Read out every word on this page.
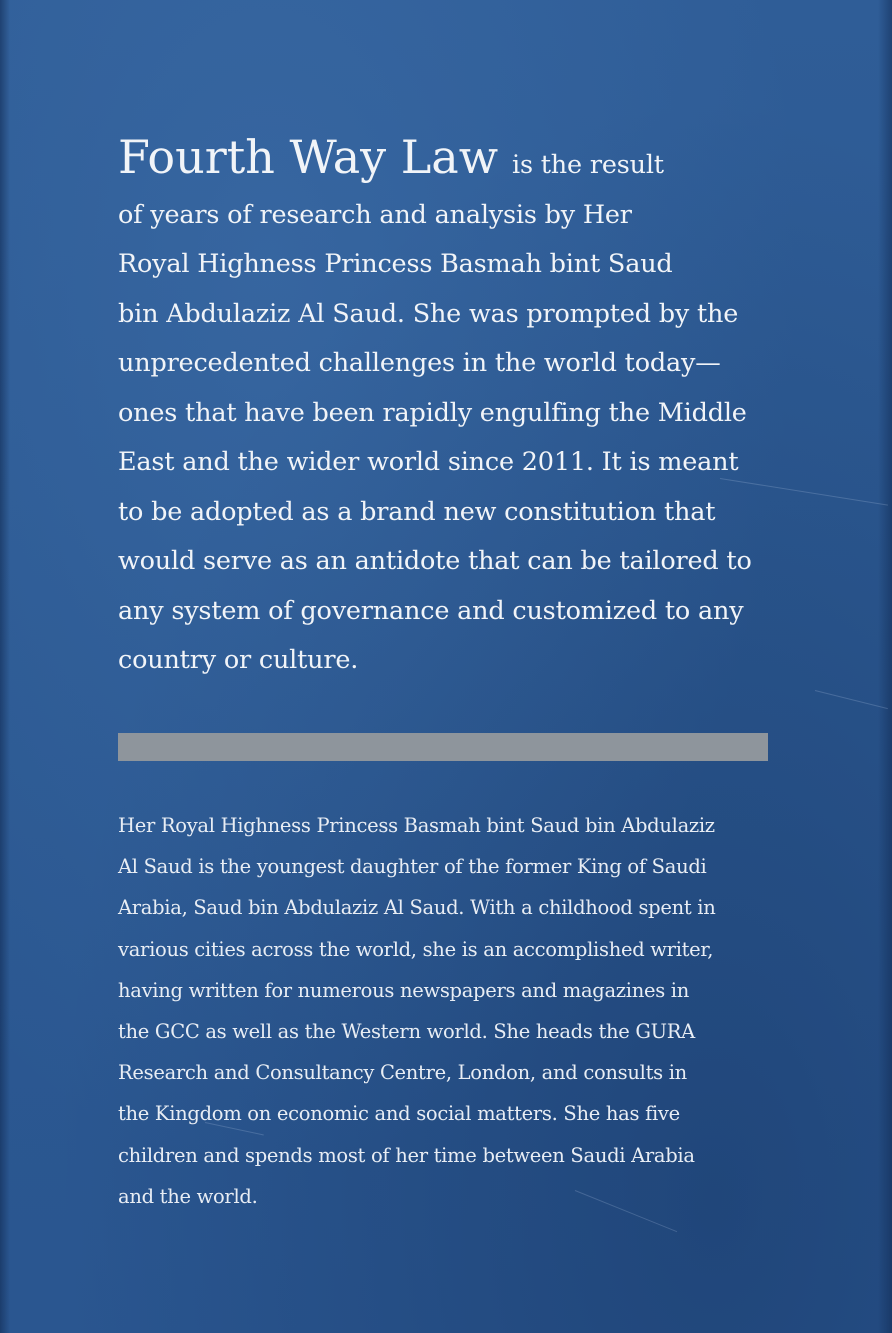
Fourth Way Law is the result
of years of research and analysis by Her
Royal Highness Princess Basmah bint Saud
bin Abdulaziz Al Saud. She was prompted by the
unprecedented challenges in the world today—
ones that have been rapidly engulfing the Middle
East and the wider world since 2011. It is meant
to be adopted as a brand new constitution that
would serve as an antidote that can be tailored to
any system of governance and customized to any
country or culture.

Her Royal Highness Princess Basmah bint Saud bin Abdulaziz
Al Saud is the youngest daughter of the former King of Saudi
Arabia, Saud bin Abdulaziz Al Saud. With a childhood spent in
various cities across the world, she is an accomplished writer,
having written for numerous newspapers and magazines in
the GCC as well as the Western world. She heads the GURA
Research and Consultancy Centre, London, and consults in
the Kingdom on economic and social matters. She has five
children and spends most of her time between Saudi Arabia
and the world.
